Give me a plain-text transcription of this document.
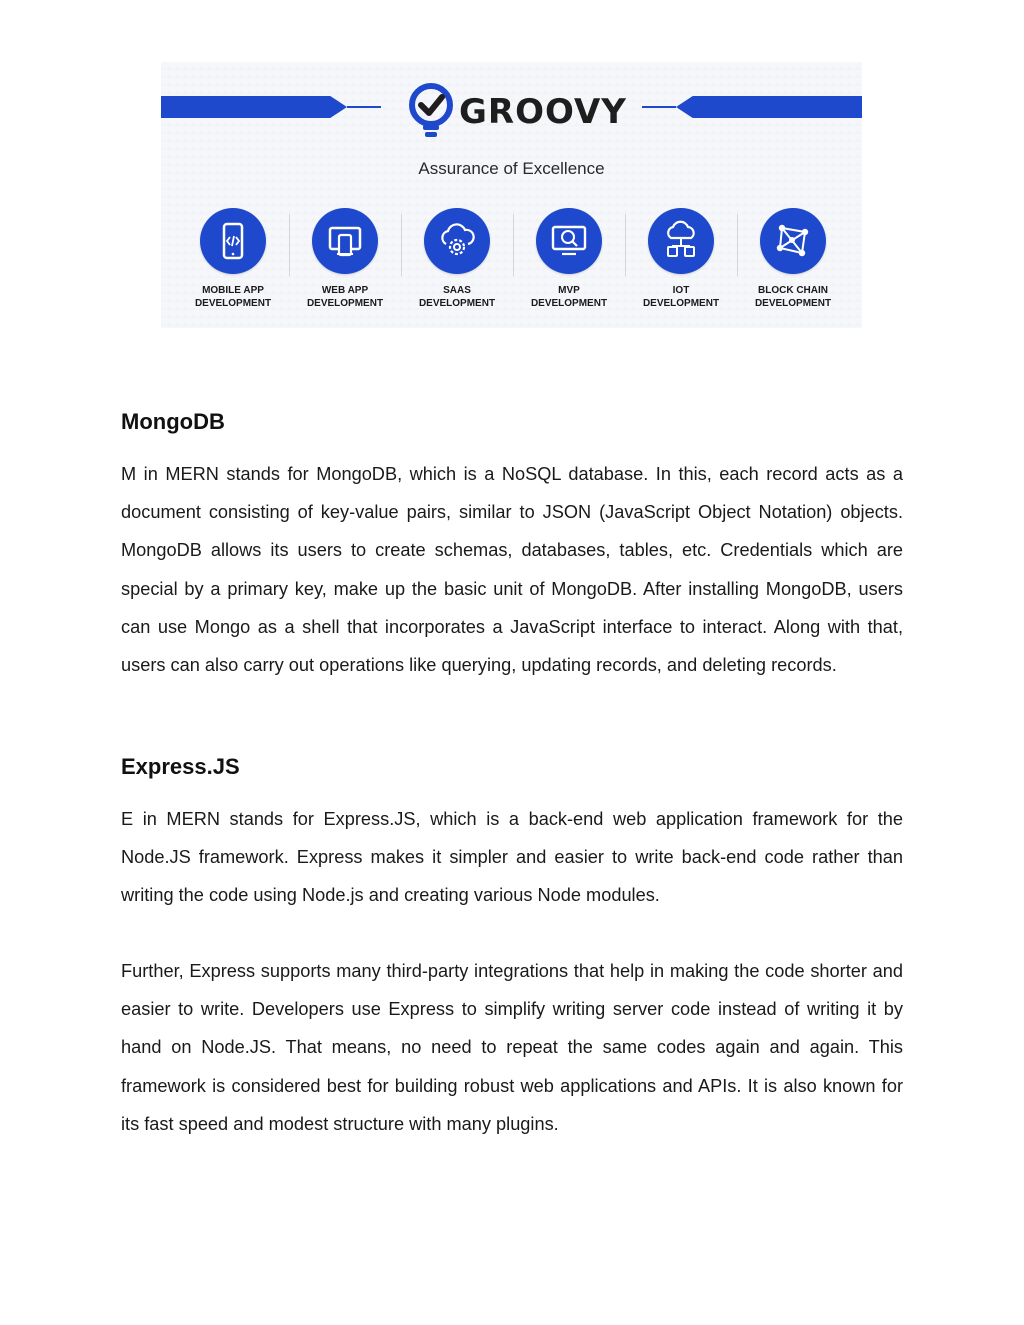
GROOVY
Assurance of Excellence
MOBILE APP
DEVELOPMENT
WEB APP
DEVELOPMENT
SAAS
DEVELOPMENT
MVP
DEVELOPMENT
IOT
DEVELOPMENT
BLOCK CHAIN
DEVELOPMENT
MongoDB

M in MERN stands for MongoDB, which is a NoSQL database. In this, each record acts as a document consisting of key-value pairs, similar to JSON (JavaScript Object Notation) objects. MongoDB allows its users to create schemas, databases, tables, etc. Credentials which are special by a primary key, make up the basic unit of MongoDB. After installing MongoDB, users can use Mongo as a shell that incorporates a JavaScript interface to interact. Along with that, users can also carry out operations like querying, updating records, and deleting records.

Express.JS

E in MERN stands for Express.JS, which is a back-end web application framework for the Node.JS framework. Express makes it simpler and easier to write back-end code rather than writing the code using Node.js and creating various Node modules.

Further, Express supports many third-party integrations that help in making the code shorter and easier to write. Developers use Express to simplify writing server code instead of writing it by hand on Node.JS. That means, no need to repeat the same codes again and again. This framework is considered best for building robust web applications and APIs. It is also known for its fast speed and modest structure with many plugins.
